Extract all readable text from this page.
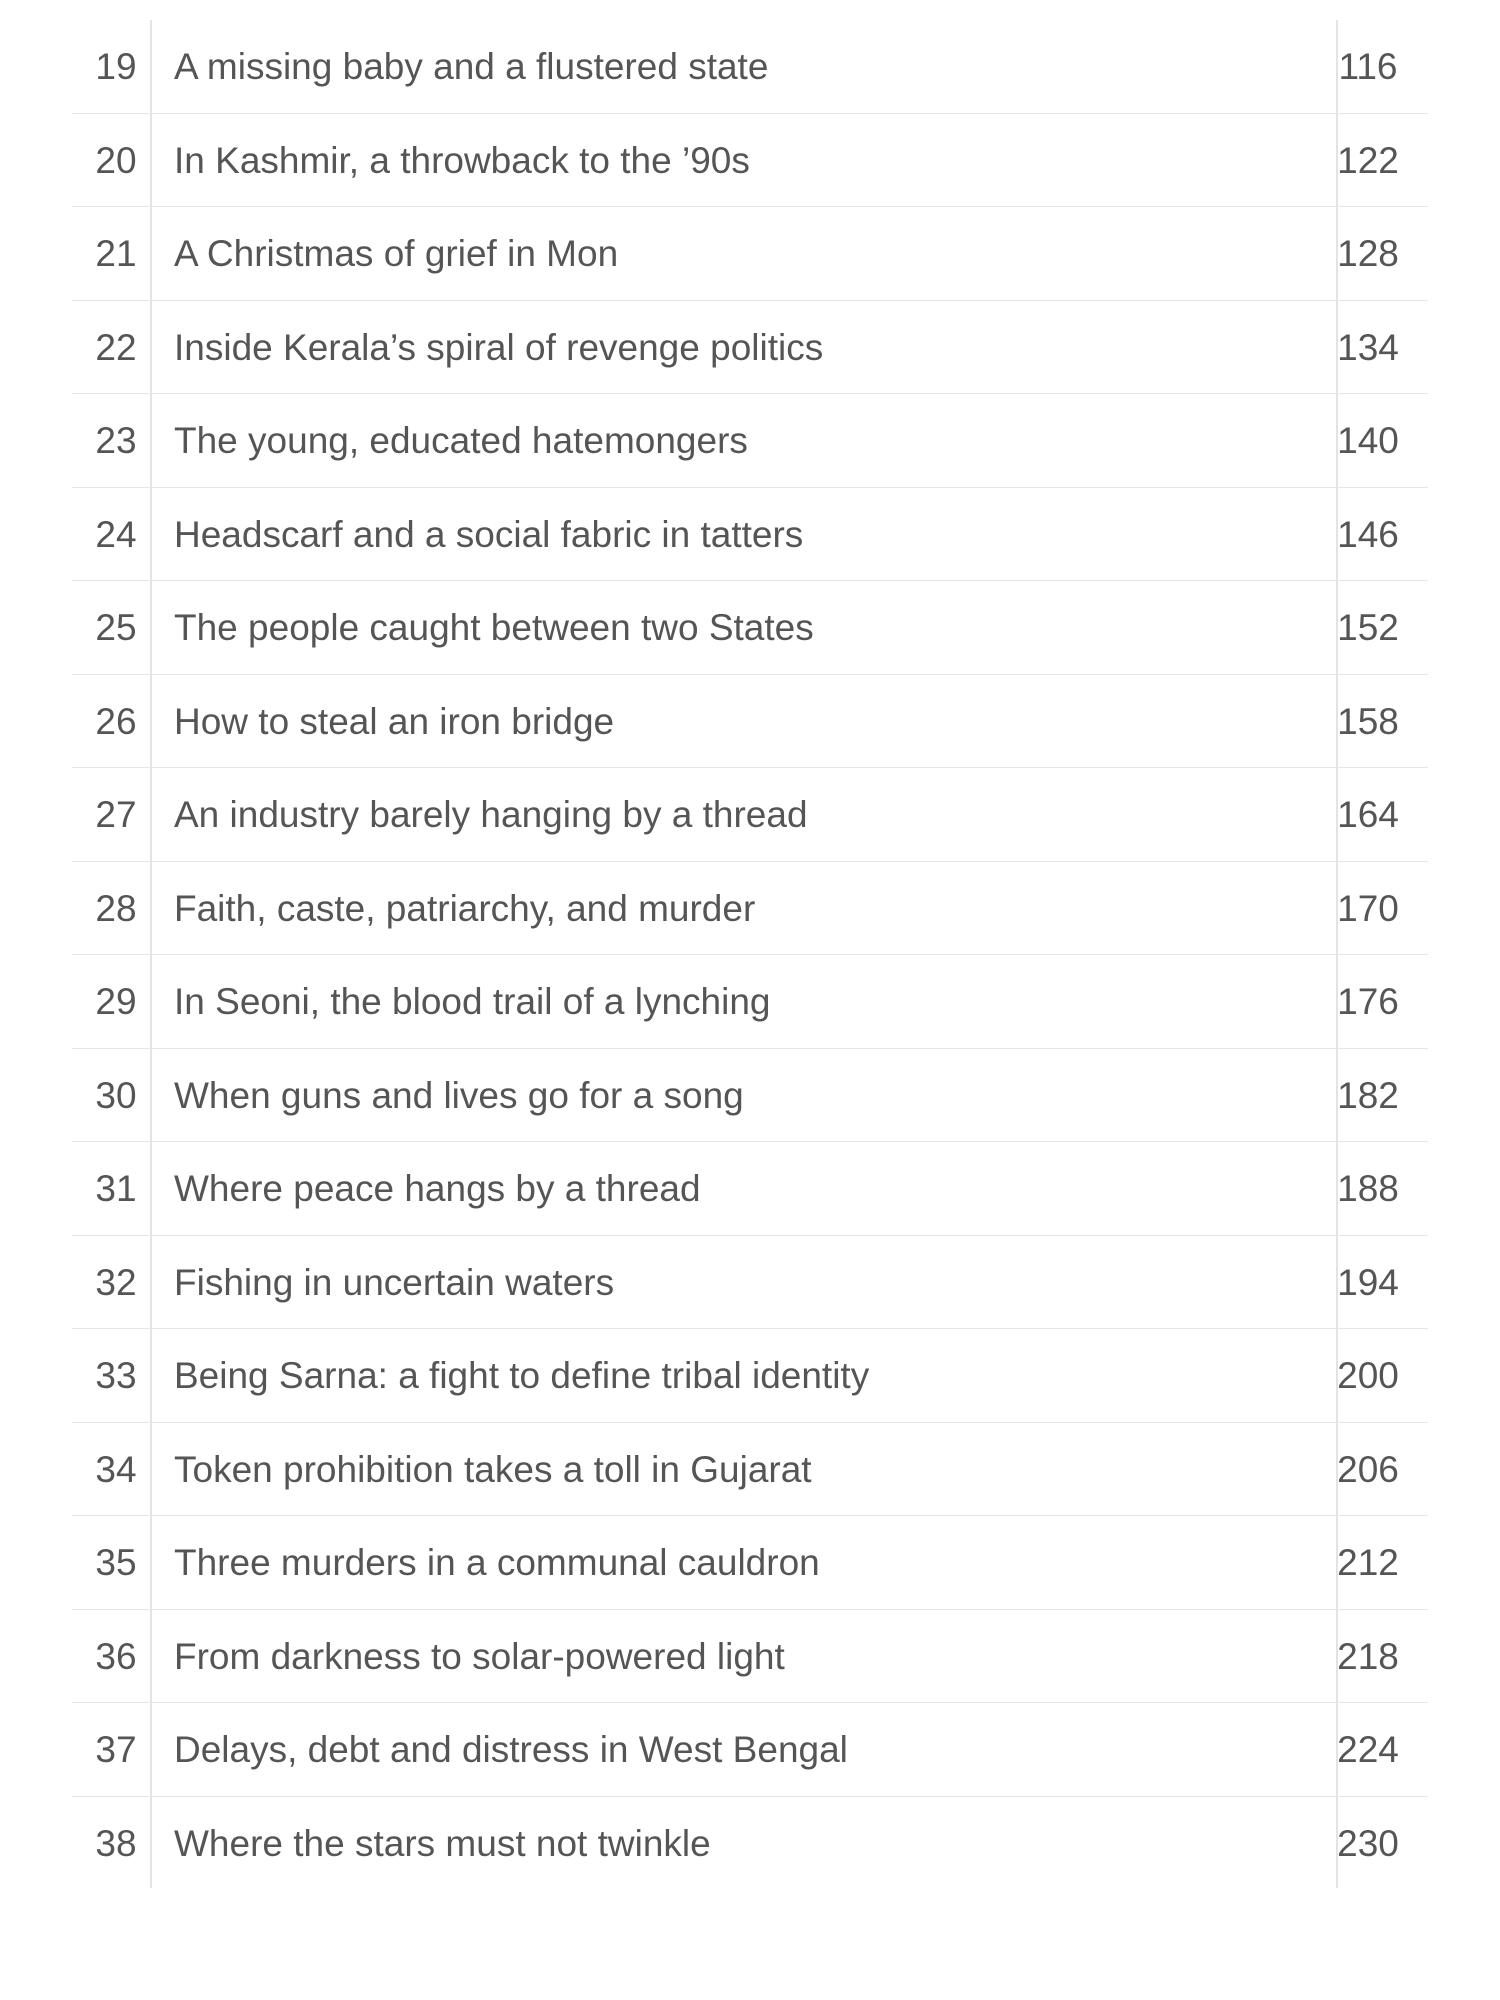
19	A missing baby and a flustered state	116
20	In Kashmir, a throwback to the ’90s	122
21	A Christmas of grief in Mon	128
22	Inside Kerala’s spiral of revenge politics	134
23	The young, educated hatemongers	140
24	Headscarf and a social fabric in tatters	146
25	The people caught between two States	152
26	How to steal an iron bridge	158
27	An industry barely hanging by a thread	164
28	Faith, caste, patriarchy, and murder	170
29	In Seoni, the blood trail of a lynching	176
30	When guns and lives go for a song	182
31	Where peace hangs by a thread	188
32	Fishing in uncertain waters	194
33	Being Sarna: a fight to define tribal identity	200
34	Token prohibition takes a toll in Gujarat	206
35	Three murders in a communal cauldron	212
36	From darkness to solar-powered light	218
37	Delays, debt and distress in West Bengal	224
38	Where the stars must not twinkle	230
